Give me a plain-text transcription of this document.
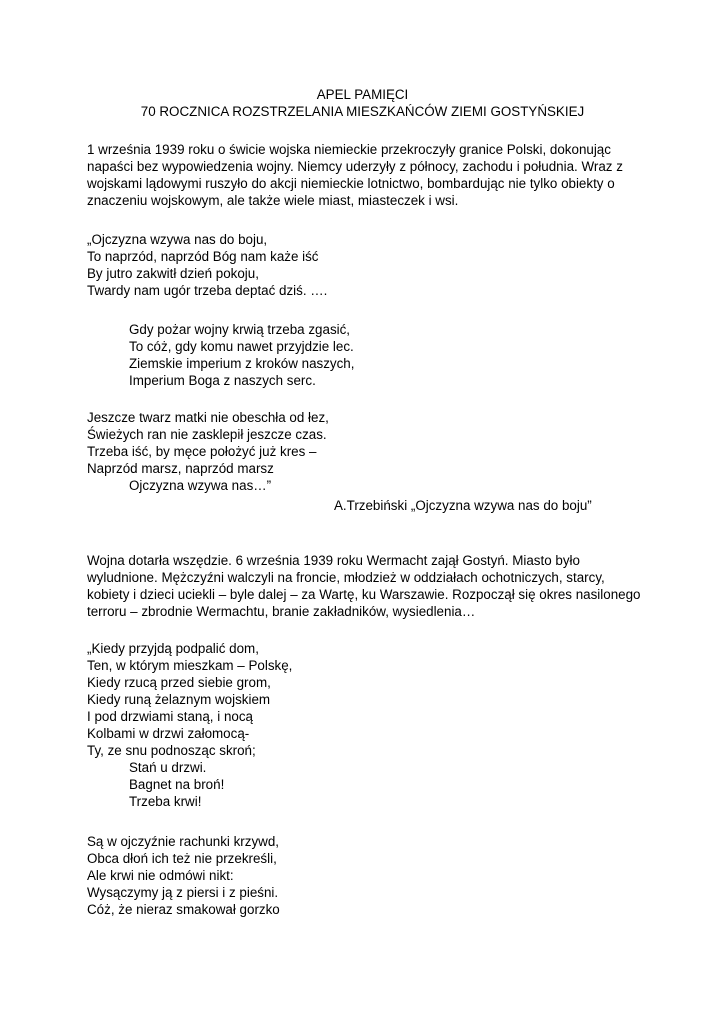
APEL PAMIĘCI
70 ROCZNICA ROZSTRZELANIA MIESZKAŃCÓW ZIEMI GOSTYŃSKIEJ
1 września 1939 roku o świcie wojska niemieckie przekroczyły granice Polski, dokonując
napaści bez wypowiedzenia wojny. Niemcy uderzyły z północy, zachodu i południa. Wraz z
wojskami lądowymi ruszyło do akcji niemieckie lotnictwo, bombardując nie tylko obiekty o
znaczeniu wojskowym, ale także wiele miast, miasteczek i wsi.
„Ojczyzna wzywa nas do boju,
To naprzód, naprzód Bóg nam każe iść
By jutro zakwitł dzień pokoju,
Twardy nam ugór trzeba deptać dziś. ….
Gdy pożar wojny krwią trzeba zgasić,
To cóż, gdy komu nawet przyjdzie lec.
Ziemskie imperium z kroków naszych,
Imperium Boga z naszych serc.
Jeszcze twarz matki nie obeschła od łez,
Świeżych ran nie zasklepił jeszcze czas.
Trzeba iść, by męce położyć już kres –
Naprzód marsz, naprzód marsz
Ojczyzna wzywa nas…”
A.Trzebiński „Ojczyzna wzywa nas do boju”
Wojna dotarła wszędzie. 6 września 1939 roku Wermacht zajął Gostyń. Miasto było
wyludnione. Mężczyźni walczyli na froncie, młodzież w oddziałach ochotniczych, starcy,
kobiety i dzieci uciekli – byle dalej – za Wartę, ku Warszawie. Rozpoczął się okres nasilonego
terroru – zbrodnie Wermachtu, branie zakładników, wysiedlenia…
„Kiedy przyjdą podpalić dom,
Ten, w którym mieszkam – Polskę,
Kiedy rzucą przed siebie grom,
Kiedy runą żelaznym wojskiem
I pod drzwiami staną, i nocą
Kolbami w drzwi załomocą-
Ty, ze snu podnosząc skroń;
Stań u drzwi.
Bagnet na broń!
Trzeba krwi!
Są w ojczyźnie rachunki krzywd,
Obca dłoń ich też nie przekreśli,
Ale krwi nie odmówi nikt:
Wysączymy ją z piersi i z pieśni.
Cóż, że nieraz smakował gorzko
